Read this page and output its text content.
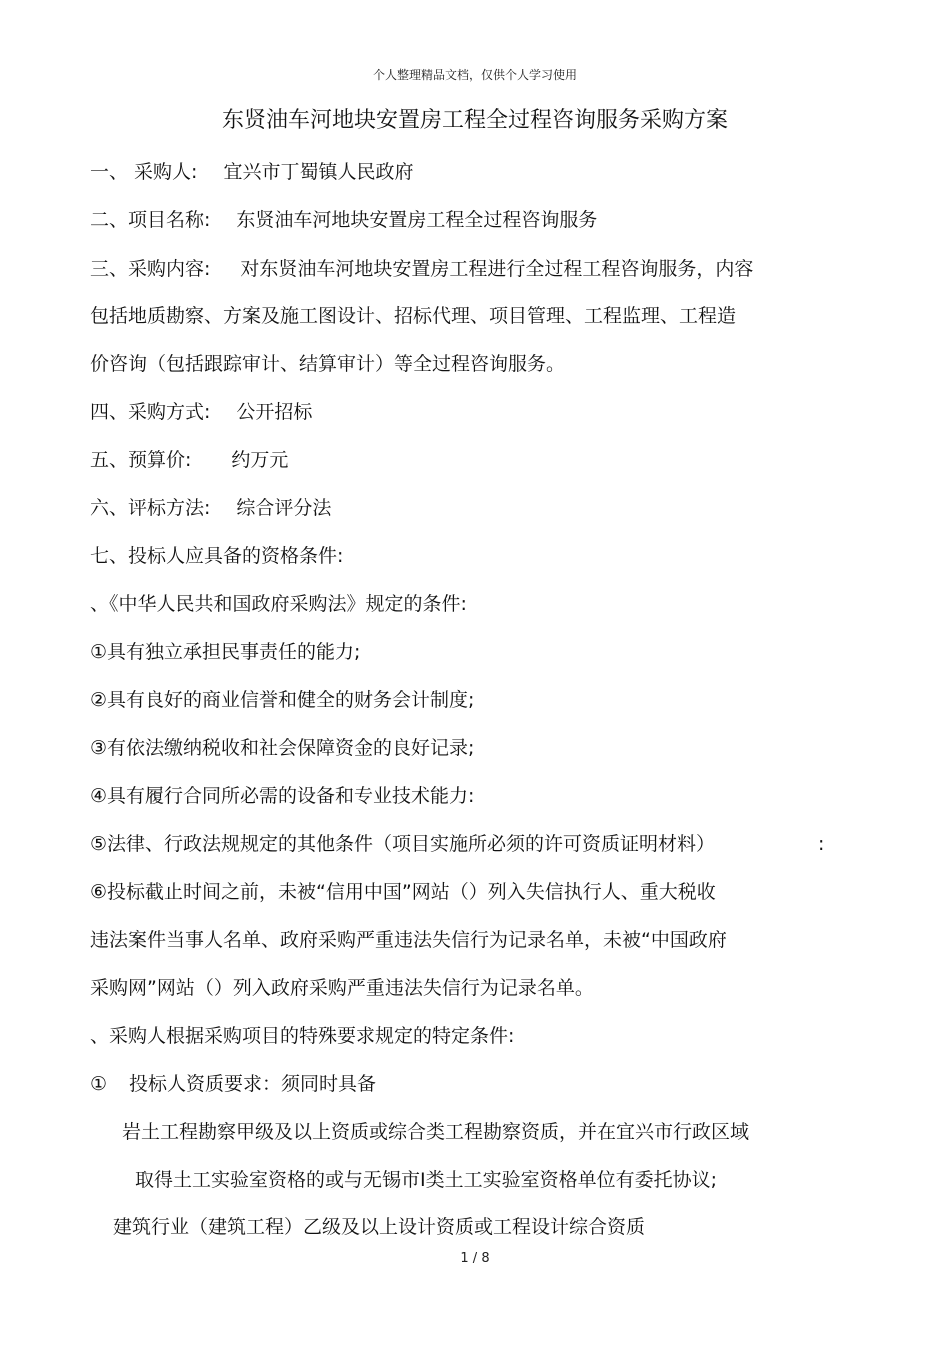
个人整理精品文档，仅供个人学习使用
东贤油车河地块安置房工程全过程咨询服务采购方案
一、 采购人: 宜兴市丁蜀镇人民政府
二、项目名称: 东贤油车河地块安置房工程全过程咨询服务
三、采购内容: 对东贤油车河地块安置房工程进行全过程工程咨询服务，内容
包括地质勘察、方案及施工图设计、招标代理、项目管理、工程监理、工程造
价咨询（包括跟踪审计、结算审计）等全过程咨询服务。
四、采购方式: 公开招标
五、预算价: 约万元
六、评标方法: 综合评分法
七、投标人应具备的资格条件:
、《中华人民共和国政府采购法》规定的条件:
①具有独立承担民事责任的能力;
②具有良好的商业信誉和健全的财务会计制度;
③有依法缴纳税收和社会保障资金的良好记录;
④具有履行合同所必需的设备和专业技术能力:
⑤法律、行政法规规定的其他条件（项目实施所必须的许可资质证明材料）	:
⑥投标截止时间之前，未被“信用中国”网站（）列入失信执行人、重大税收
违法案件当事人名单、政府采购严重违法失信行为记录名单，未被“中国政府
采购网”网站（）列入政府采购严重违法失信行为记录名单。
、采购人根据采购项目的特殊要求规定的特定条件:
① 投标人资质要求：须同时具备
岩土工程勘察甲级及以上资质或综合类工程勘察资质，并在宜兴市行政区域
取得土工实验室资格的或与无锡市Ⅰ类土工实验室资格单位有委托协议;
建筑行业（建筑工程）乙级及以上设计资质或工程设计综合资质
1 / 8
